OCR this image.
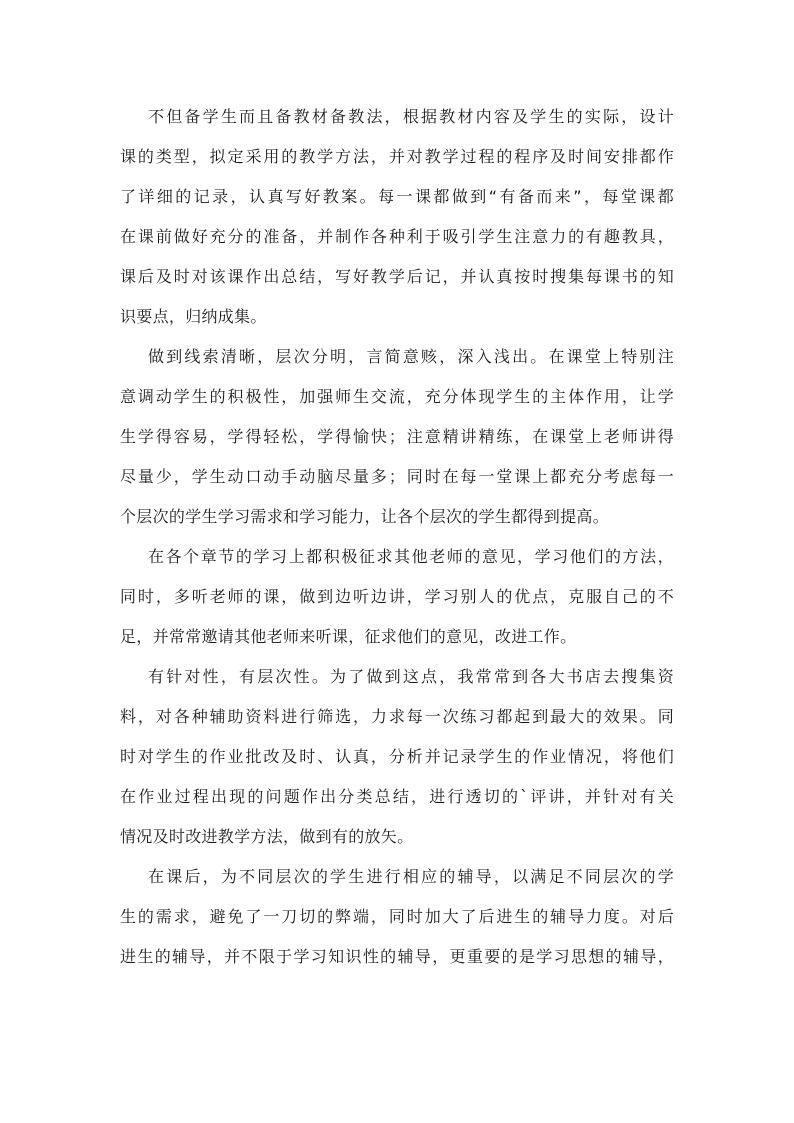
不但备学生而且备教材备教法，根据教材内容及学生的实际，设计
课的类型，拟定采用的教学方法，并对教学过程的程序及时间安排都作
了详细的记录，认真写好教案。每一课都做到“有备而来”，每堂课都
在课前做好充分的准备，并制作各种利于吸引学生注意力的有趣教具，
课后及时对该课作出总结，写好教学后记，并认真按时搜集每课书的知
识要点，归纳成集。
做到线索清晰，层次分明，言简意赅，深入浅出。在课堂上特别注
意调动学生的积极性，加强师生交流，充分体现学生的主体作用，让学
生学得容易，学得轻松，学得愉快；注意精讲精练，在课堂上老师讲得
尽量少，学生动口动手动脑尽量多；同时在每一堂课上都充分考虑每一
个层次的学生学习需求和学习能力，让各个层次的学生都得到提高。
在各个章节的学习上都积极征求其他老师的意见，学习他们的方法，
同时，多听老师的课，做到边听边讲，学习别人的优点，克服自己的不
足，并常常邀请其他老师来听课，征求他们的意见，改进工作。
有针对性，有层次性。为了做到这点，我常常到各大书店去搜集资
料，对各种辅助资料进行筛选，力求每一次练习都起到最大的效果。同
时对学生的作业批改及时、认真，分析并记录学生的作业情况，将他们
在作业过程出现的问题作出分类总结，进行透切的`评讲，并针对有关
情况及时改进教学方法，做到有的放矢。
在课后，为不同层次的学生进行相应的辅导，以满足不同层次的学
生的需求，避免了一刀切的弊端，同时加大了后进生的辅导力度。对后
进生的辅导，并不限于学习知识性的辅导，更重要的是学习思想的辅导，
